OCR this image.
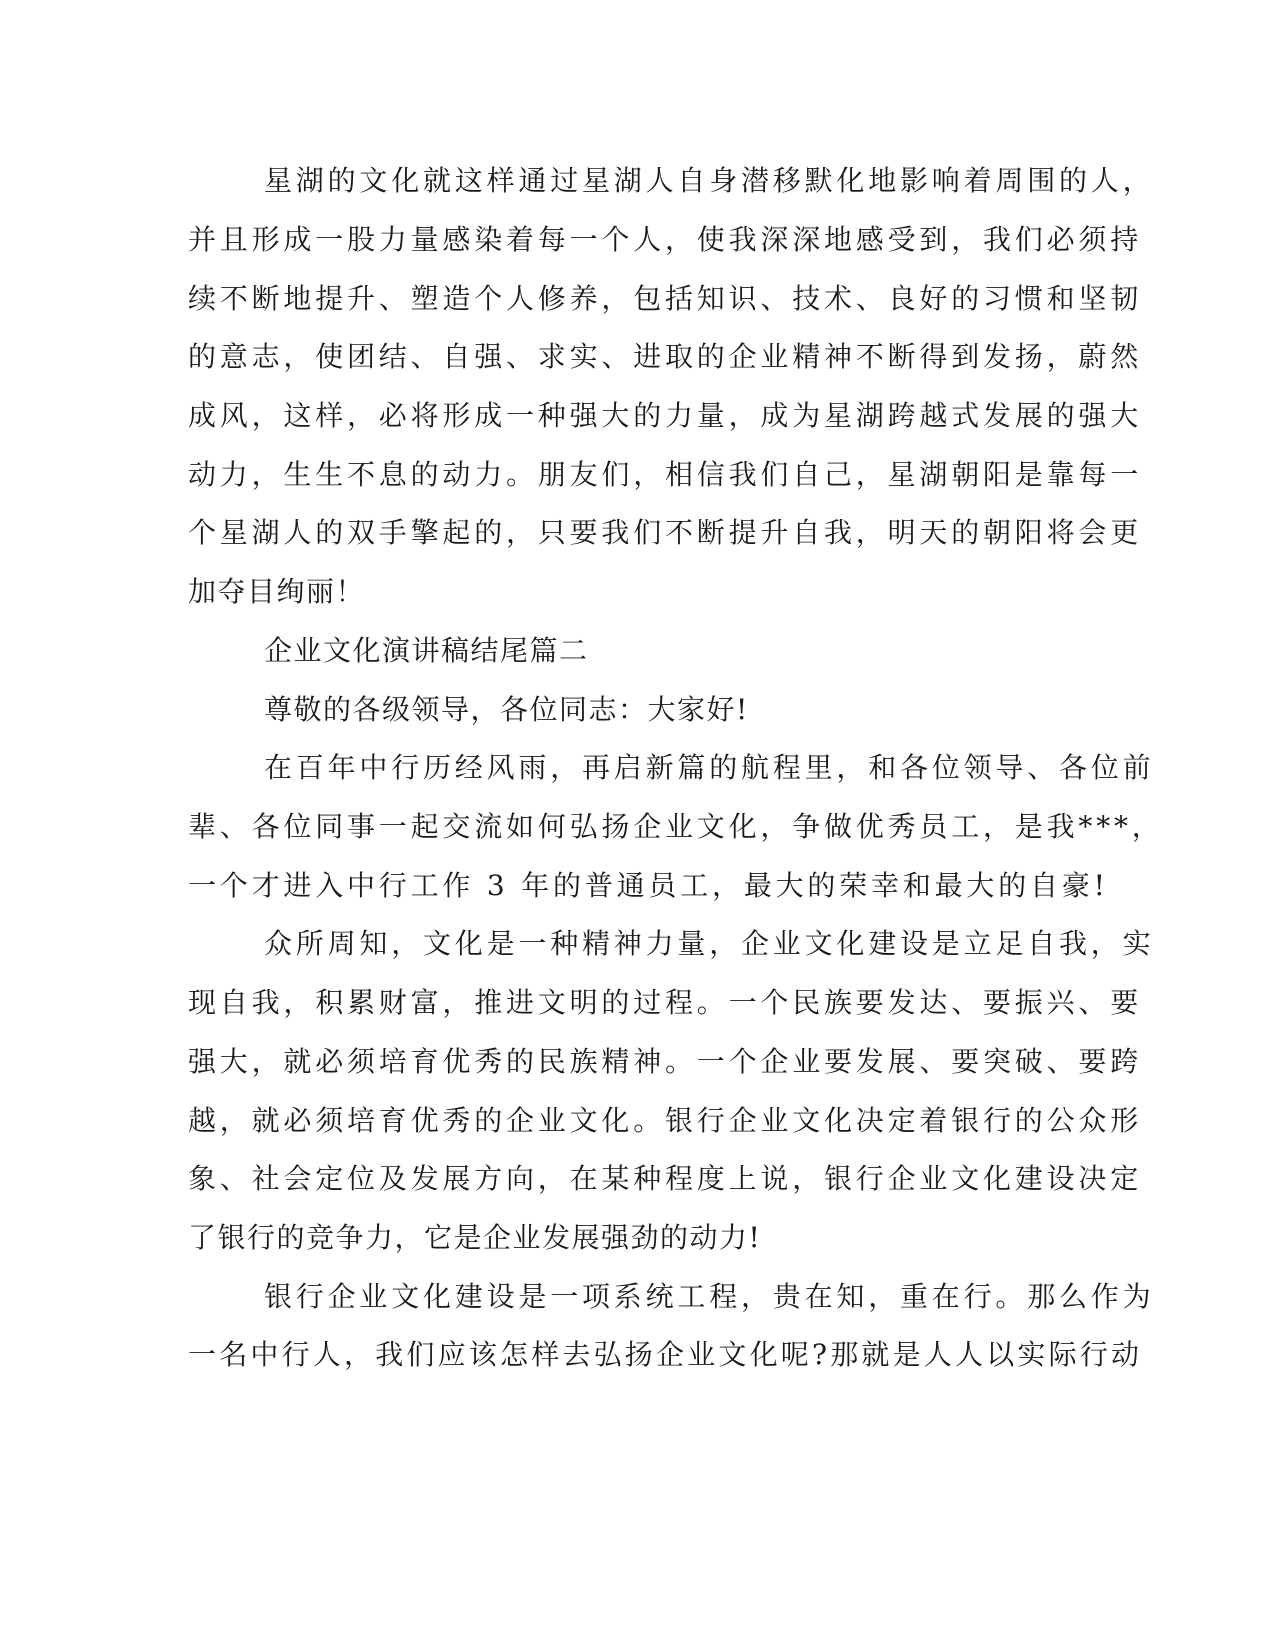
星湖的文化就这样通过星湖人自身潜移默化地影响着周围的人，

并且形成一股力量感染着每一个人，使我深深地感受到，我们必须持

续不断地提升、塑造个人修养，包括知识、技术、良好的习惯和坚韧

的意志，使团结、自强、求实、进取的企业精神不断得到发扬，蔚然

成风，这样，必将形成一种强大的力量，成为星湖跨越式发展的强大

动力，生生不息的动力。朋友们，相信我们自己，星湖朝阳是靠每一

个星湖人的双手擎起的，只要我们不断提升自我，明天的朝阳将会更

加夺目绚丽！

企业文化演讲稿结尾篇二

尊敬的各级领导，各位同志：大家好!

在百年中行历经风雨，再启新篇的航程里，和各位领导、各位前

辈、各位同事一起交流如何弘扬企业文化，争做优秀员工，是我***，

一个才进入中行工作 3 年的普通员工，最大的荣幸和最大的自豪!

众所周知，文化是一种精神力量，企业文化建设是立足自我，实

现自我，积累财富，推进文明的过程。一个民族要发达、要振兴、要

强大，就必须培育优秀的民族精神。一个企业要发展、要突破、要跨

越，就必须培育优秀的企业文化。银行企业文化决定着银行的公众形

象、社会定位及发展方向，在某种程度上说，银行企业文化建设决定

了银行的竞争力，它是企业发展强劲的动力!

银行企业文化建设是一项系统工程，贵在知，重在行。那么作为

一名中行人，我们应该怎样去弘扬企业文化呢?那就是人人以实际行动
